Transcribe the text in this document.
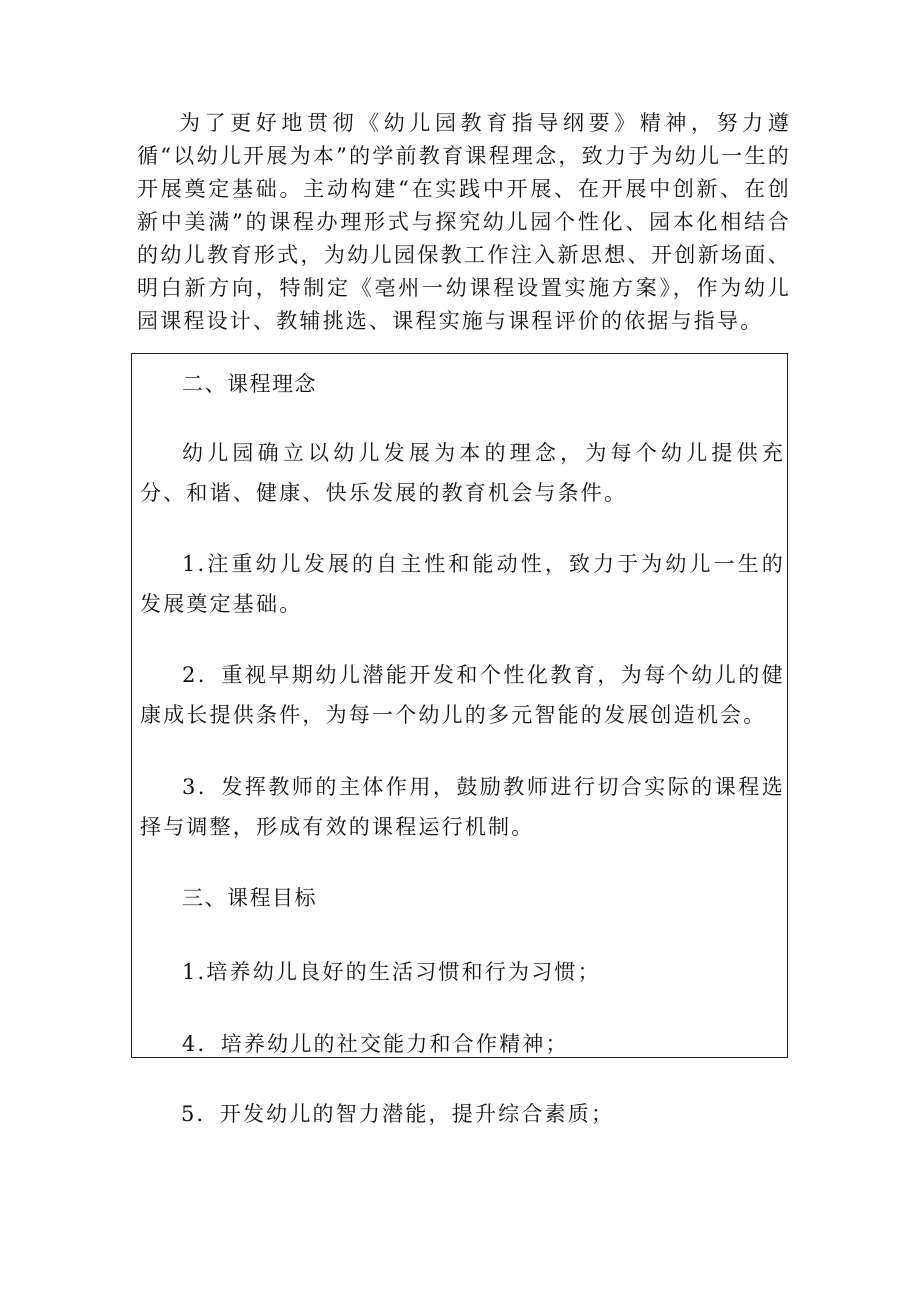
为了更好地贯彻《幼儿园教育指导纲要》精神，努力遵循“以幼儿开展为本”的学前教育课程理念，致力于为幼儿一生的开展奠定基础。主动构建“在实践中开展、在开展中创新、在创新中美满”的课程办理形式与探究幼儿园个性化、园本化相结合的幼儿教育形式，为幼儿园保教工作注入新思想、开创新场面、明白新方向，特制定《亳州一幼课程设置实施方案》，作为幼儿园课程设计、教辅挑选、课程实施与课程评价的依据与指导。

二、课程理念

幼儿园确立以幼儿发展为本的理念，为每个幼儿提供充分、和谐、健康、快乐发展的教育机会与条件。

1.注重幼儿发展的自主性和能动性，致力于为幼儿一生的发展奠定基础。

2．重视早期幼儿潜能开发和个性化教育，为每个幼儿的健康成长提供条件，为每一个幼儿的多元智能的发展创造机会。

3．发挥教师的主体作用，鼓励教师进行切合实际的课程选择与调整，形成有效的课程运行机制。

三、课程目标

1.培养幼儿良好的生活习惯和行为习惯；

4．培养幼儿的社交能力和合作精神；

5．开发幼儿的智力潜能，提升综合素质；
